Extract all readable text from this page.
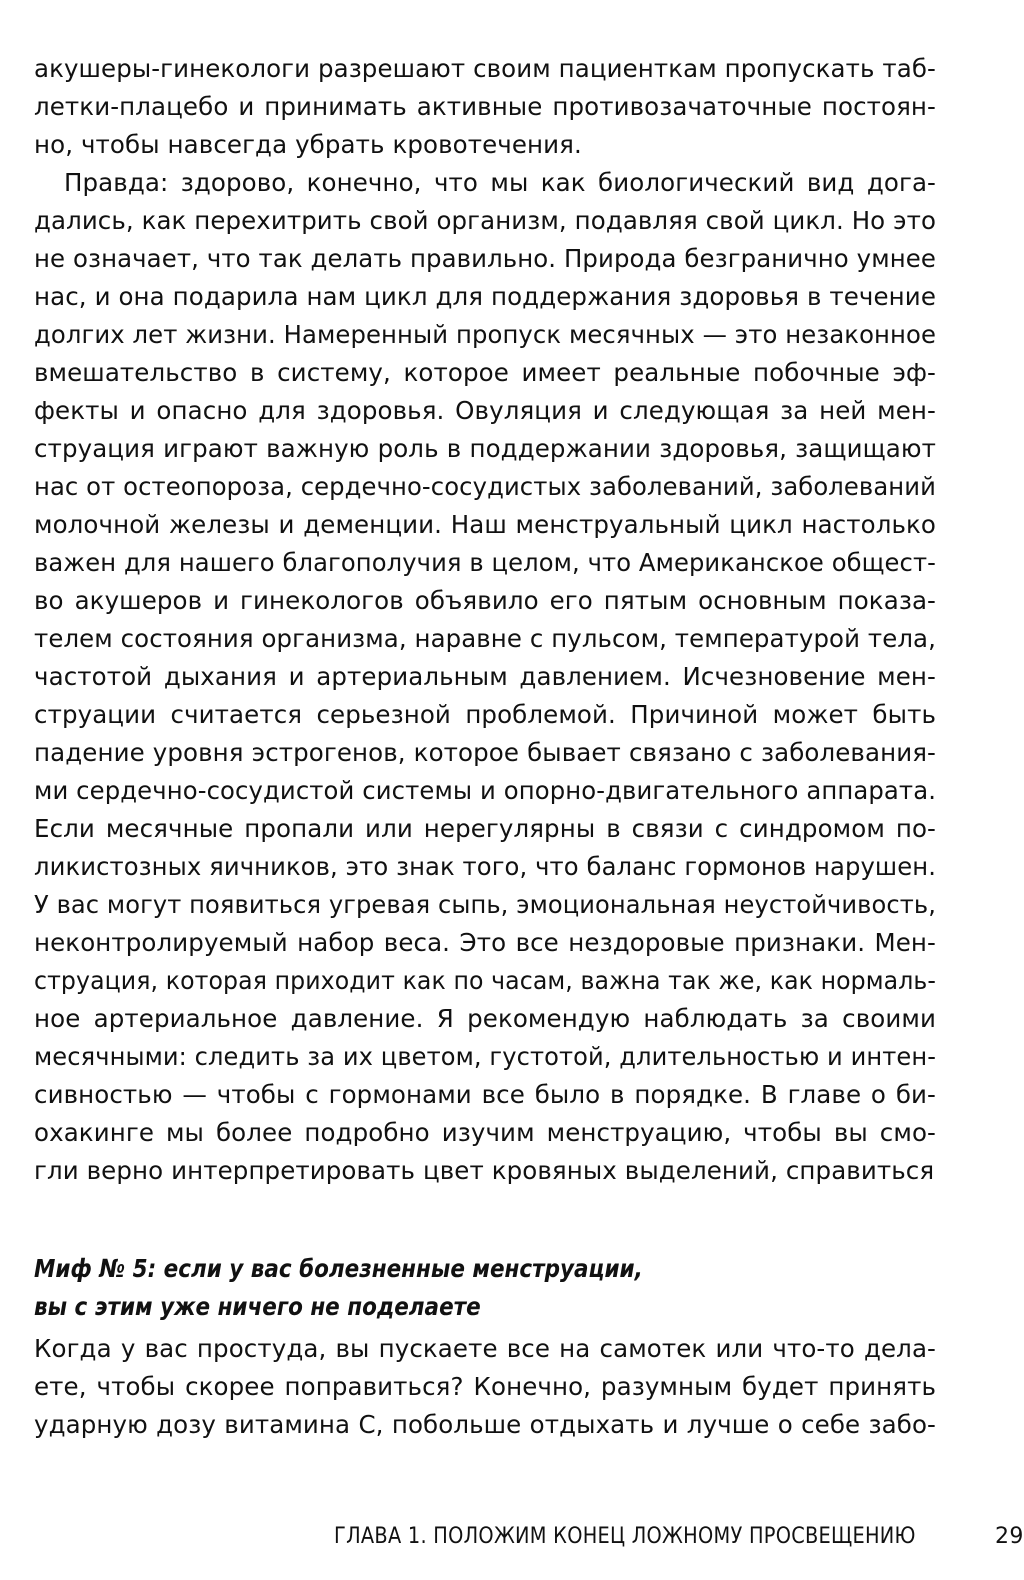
акушеры-гинекологи разрешают своим пациенткам пропускать таб-
летки-плацебо и принимать активные противозачаточные постоян-
но, чтобы навсегда убрать кровотечения.
Правда: здорово, конечно, что мы как биологический вид дога-
дались, как перехитрить свой организм, подавляя свой цикл. Но это
не означает, что так делать правильно. Природа безгранично умнее
нас, и она подарила нам цикл для поддержания здоровья в течение
долгих лет жизни. Намеренный пропуск месячных — это незаконное
вмешательство в систему, которое имеет реальные побочные эф-
фекты и опасно для здоровья. Овуляция и следующая за ней мен-
струация играют важную роль в поддержании здоровья, защищают
нас от остеопороза, сердечно-сосудистых заболеваний, заболеваний
молочной железы и деменции. Наш менструальный цикл настолько
важен для нашего благополучия в целом, что Американское общест-
во акушеров и гинекологов объявило его пятым основным показа-
телем состояния организма, наравне с пульсом, температурой тела,
частотой дыхания и артериальным давлением. Исчезновение мен-
струации считается серьезной проблемой. Причиной может быть
падение уровня эстрогенов, которое бывает связано с заболевания-
ми сердечно-сосудистой системы и опорно-двигательного аппарата.
Если месячные пропали или нерегулярны в связи с синдромом по-
ликистозных яичников, это знак того, что баланс гормонов нарушен.
У вас могут появиться угревая сыпь, эмоциональная неустойчивость,
неконтролируемый набор веса. Это все нездоровые признаки. Мен-
струация, которая приходит как по часам, важна так же, как нормаль-
ное артериальное давление. Я рекомендую наблюдать за своими
месячными: следить за их цветом, густотой, длительностью и интен-
сивностью — чтобы с гормонами все было в порядке. В главе о би-
охакинге мы более подробно изучим менструацию, чтобы вы смо-
гли верно интерпретировать цвет кровяных выделений, справиться
Миф № 5: если у вас болезненные менструации,
вы с этим уже ничего не поделаете
Когда у вас простуда, вы пускаете все на самотек или что-то дела-
ете, чтобы скорее поправиться? Конечно, разумным будет принять
ударную дозу витамина С, побольше отдыхать и лучше о себе забо-
ГЛАВА 1. ПОЛОЖИМ КОНЕЦ ЛОЖНОМУ ПРОСВЕЩЕНИЮ	29
